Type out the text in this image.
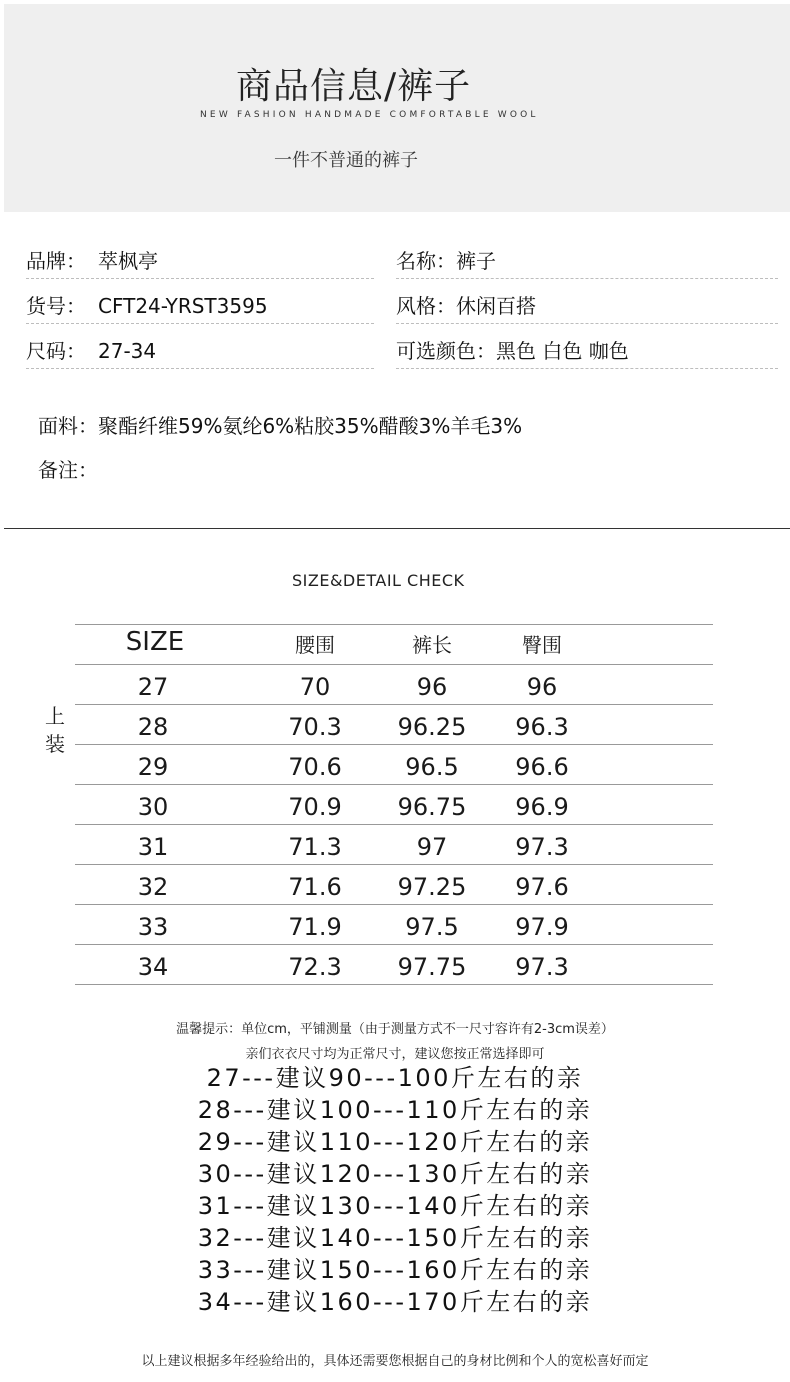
商品信息/裤子
NEW FASHION HANDMADE COMFORTABLE WOOL
一件不普通的裤子
品牌： 萃枫亭	名称：裤子
货号： CFT24-YRST3595	风格：休闲百搭
尺码： 27-34	可选颜色：黑色 白色 咖色
面料：聚酯纤维59%氨纶6%粘胶35%醋酸3%羊毛3%
备注：
SIZE&DETAIL CHECK
上
装
SIZE	腰围	裤长	臀围
27	70	96	96
28	70.3	96.25	96.3
29	70.6	96.5	96.6
30	70.9	96.75	96.9
31	71.3	97	97.3
32	71.6	97.25	97.6
33	71.9	97.5	97.9
34	72.3	97.75	97.3
温馨提示：单位cm，平铺测量（由于测量方式不一尺寸容许有2-3cm误差）
亲们衣衣尺寸均为正常尺寸，建议您按正常选择即可
27---建议90---100斤左右的亲
28---建议100---110斤左右的亲
29---建议110---120斤左右的亲
30---建议120---130斤左右的亲
31---建议130---140斤左右的亲
32---建议140---150斤左右的亲
33---建议150---160斤左右的亲
34---建议160---170斤左右的亲
以上建议根据多年经验给出的，具体还需要您根据自己的身材比例和个人的宽松喜好而定
